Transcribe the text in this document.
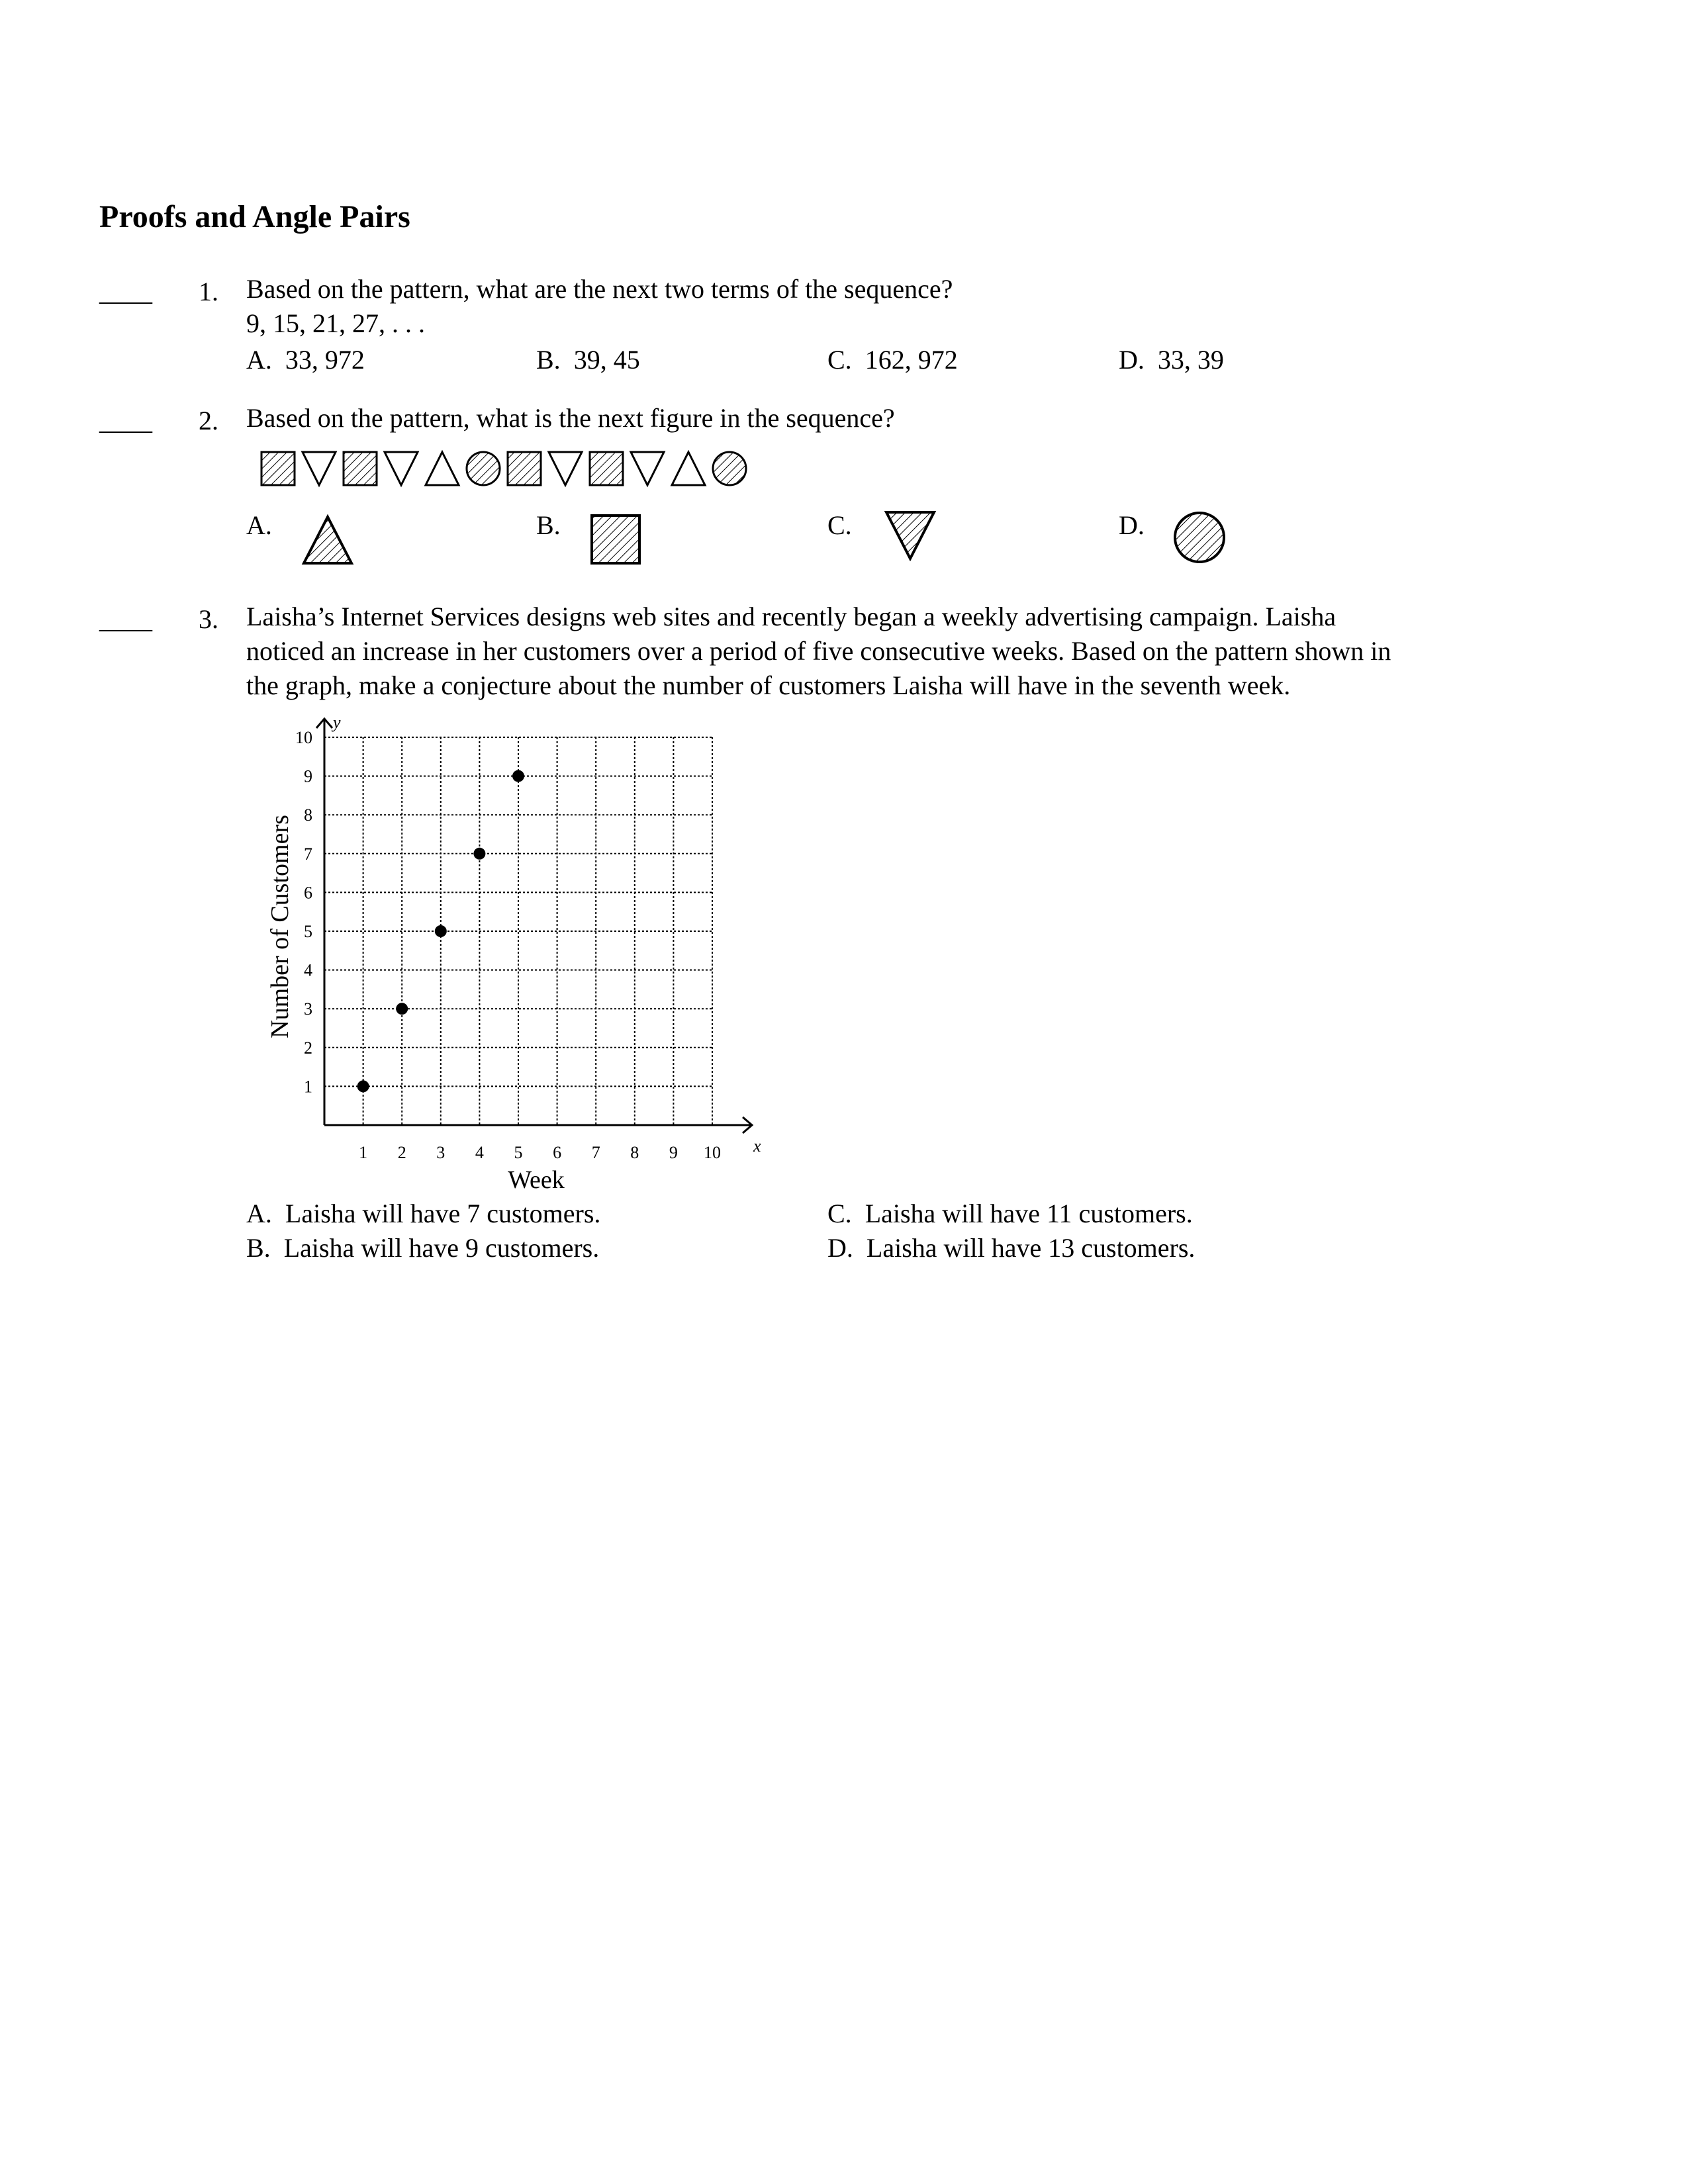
Proofs and Angle Pairs
____ 1. Based on the pattern, what are the next two terms of the sequence?
9, 15, 21, 27, . . .
A. 33, 972	B. 39, 45	C. 162, 972	D. 33, 39
____ 2. Based on the pattern, what is the next figure in the sequence?
A.	B.	C.	D.
____ 3. Laisha’s Internet Services designs web sites and recently began a weekly advertising campaign. Laisha
noticed an increase in her customers over a period of five consecutive weeks. Based on the pattern shown in
the graph, make a conjecture about the number of customers Laisha will have in the seventh week.
1 2 3 4 5 6 7 8 9 10
1
2
3
4
5
6
7
8
9
10
Week
Number of Customers
x
y
A. Laisha will have 7 customers.
B. Laisha will have 9 customers.
C. Laisha will have 11 customers.
D. Laisha will have 13 customers.
